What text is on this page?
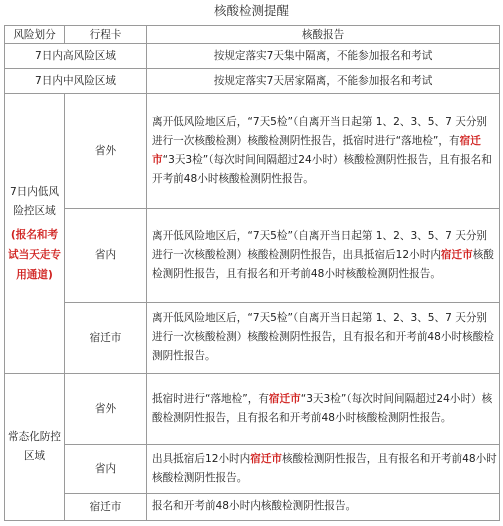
核酸检测提醒
风险划分	行程卡	核酸报告
7日内高风险区域		按规定落实7天集中隔离，不能参加报名和考试
7日内中风险区域		按规定落实7天居家隔离，不能参加报名和考试
7日内低风险控区域
(报名和考试当天走专用通道)	省外	离开低风险地区后，“7天5检”（自离开当日起第 1、2、3、5、7 天分别进行一次核酸检测）核酸检测阴性报告，抵宿时进行“落地检”，有宿迁市“3天3检”（每次时间间隔超过24小时）核酸检测阴性报告，且有报名和开考前48小时核酸检测阴性报告。
	省内	离开低风险地区后，“7天5检”（自离开当日起第 1、2、3、5、7 天分别进行一次核酸检测）核酸检测阴性报告，出具抵宿后12小时内宿迁市核酸检测阴性报告，且有报名和开考前48小时核酸检测阴性报告。
	宿迁市	离开低风险地区后，“7天5检”（自离开当日起第 1、2、3、5、7 天分别进行一次核酸检测）核酸检测阴性报告，且有报名和开考前48小时核酸检测阴性报告。
常态化防控区域	省外	抵宿时进行“落地检”，有宿迁市“3天3检”（每次时间间隔超过24小时）核酸检测阴性报告，且有报名和开考前48小时核酸检测阴性报告。
	省内	出具抵宿后12小时内宿迁市核酸检测阴性报告，且有报名和开考前48小时核酸检测阴性报告。
	宿迁市	报名和开考前48小时内核酸检测阴性报告。
